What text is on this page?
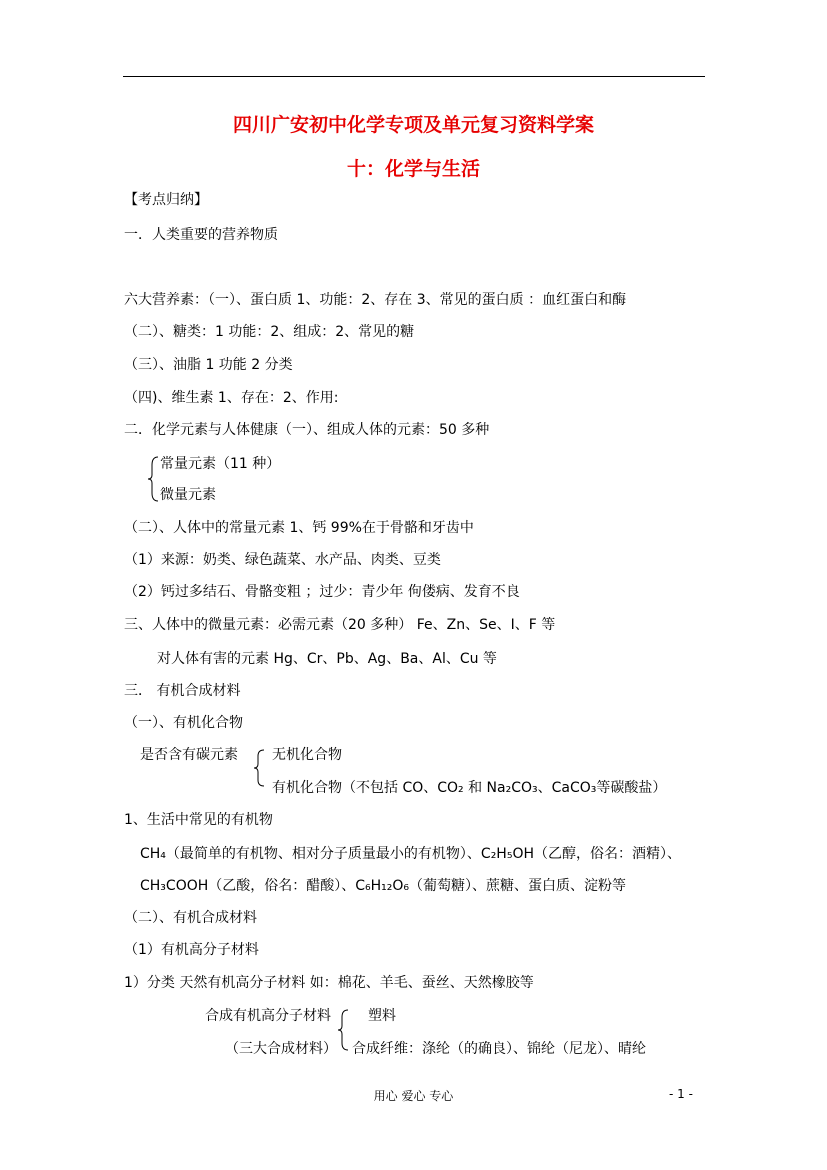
四川广安初中化学专项及单元复习资料学案
十：化学与生活
【考点归纳】
一．人类重要的营养物质
六大营养素：（一）、蛋白质 1、功能：2、存在 3、常见的蛋白质 ：血红蛋白和酶
（二）、糖类：1 功能：2、组成：2、常见的糖
（三）、油脂 1 功能 2 分类
（四)、维生素 1、存在：2、作用:
二．化学元素与人体健康（一）、组成人体的元素：50 多种
常量元素（11 种）
微量元素
（二）、人体中的常量元素 1、钙 99%在于骨骼和牙齿中
（1）来源：奶类、绿色蔬菜、水产品、肉类、豆类
（2）钙过多结石、骨骼变粗 ；过少：青少年 佝偻病、发育不良
三、人体中的微量元素：必需元素（20 多种） Fe、Zn、Se、I、F 等
对人体有害的元素 Hg、Cr、Pb、Ag、Ba、Al、Cu 等
三． 有机合成材料
（一）、有机化合物
是否含有碳元素 无机化合物
有机化合物（不包括 CO、CO₂ 和 Na₂CO₃、CaCO₃等碳酸盐）
1、生活中常见的有机物
CH₄（最简单的有机物、相对分子质量最小的有机物）、C₂H₅OH（乙醇，俗名：酒精）、
CH₃COOH（乙酸，俗名：醋酸）、C₆H₁₂O₆（葡萄糖）、蔗糖、蛋白质、淀粉等
（二）、有机合成材料
（1）有机高分子材料
1）分类 天然有机高分子材料 如：棉花、羊毛、蚕丝、天然橡胶等
合成有机高分子材料	塑料
（三大合成材料） 合成纤维：涤纶（的确良）、锦纶（尼龙）、晴纶
用心 爱心 专心	- 1 -
